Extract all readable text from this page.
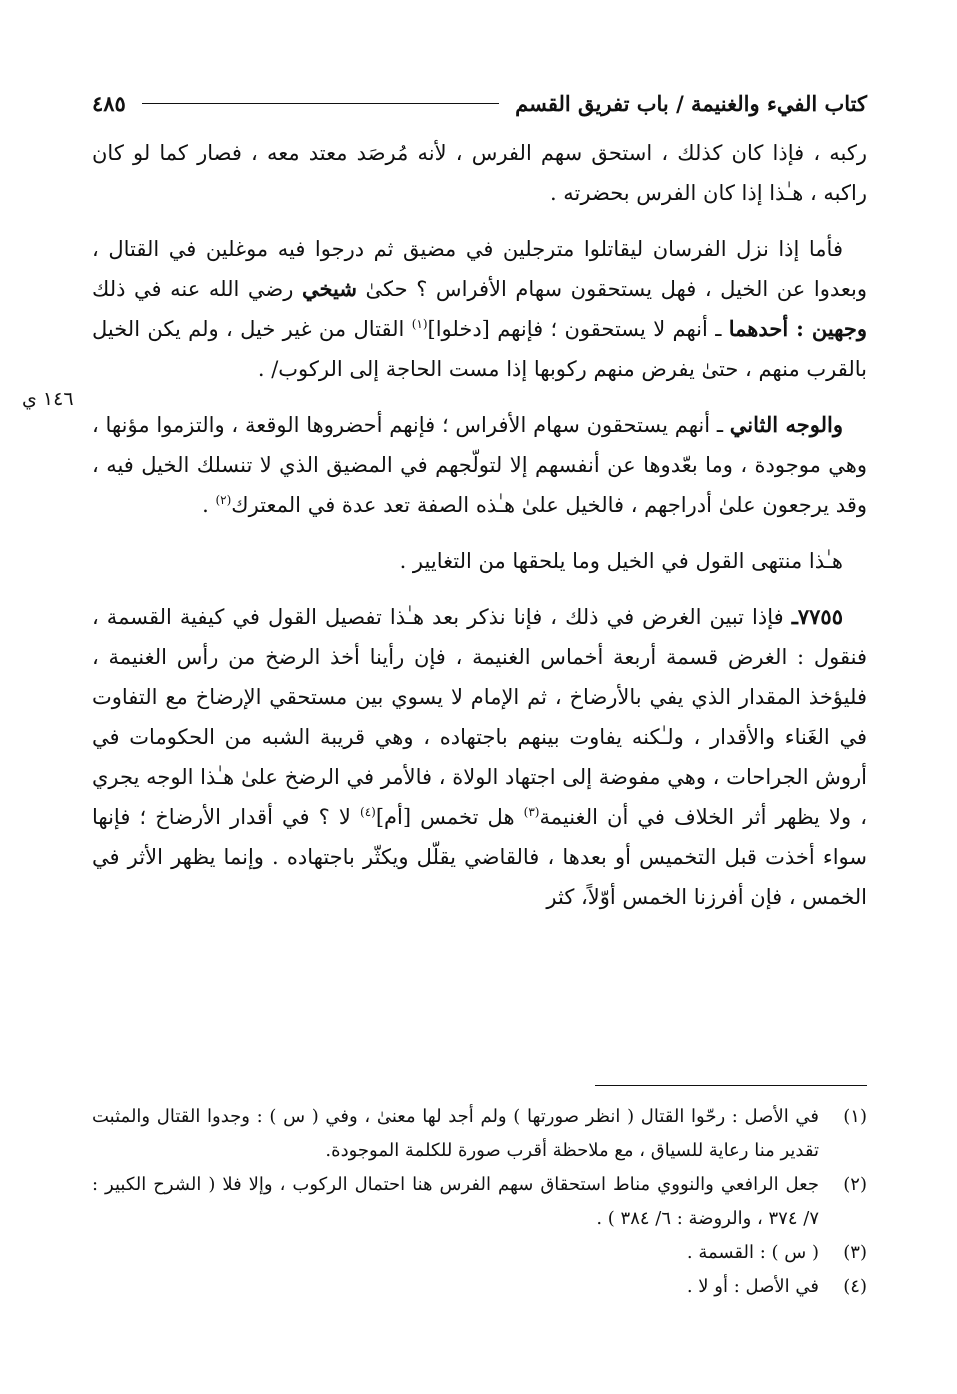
كتاب الفيء والغنيمة / باب تفريق القسم
٤٨٥
١٤٦ ي

ركبه ، فإذا كان كذلك ، استحق سهم الفرس ، لأنه مُرصَد معتد معه ، فصار كما لو كان راكبه ، هـٰذا إذا كان الفرس بحضرته .

فأما إذا نزل الفرسان ليقاتلوا مترجلين في مضيق ثم درجوا فيه موغلين في القتال ، وبعدوا عن الخيل ، فهل يستحقون سهام الأفراس ؟ حكىٰ شيخي رضي الله عنه في ذلك وجهين : أحدهما ـ أنهم لا يستحقون ؛ فإنهم [دخلوا]$^{(١)}$ القتال من غير خيل ، ولم يكن الخيل بالقرب منهم ، حتىٰ يفرض منهم ركوبها إذا مست الحاجة إلى الركوب/ .

والوجه الثاني ـ أنهم يستحقون سهام الأفراس ؛ فإنهم أحضروها الوقعة ، والتزموا مؤنها ، وهي موجودة ، وما بعّدوها عن أنفسهم إلا لتولّجهم في المضيق الذي لا تنسلك الخيل فيه ، وقد يرجعون علىٰ أدراجهم ، فالخيل علىٰ هـٰذه الصفة تعد عدة في المعترك$^{(٢)}$ .

هـٰذا منتهى القول في الخيل وما يلحقها من التغايير .

٧٧٥٥ـ فإذا تبين الغرض في ذلك ، فإنا نذكر بعد هـٰذا تفصيل القول في كيفية القسمة ، فنقول : الغرض قسمة أربعة أخماس الغنيمة ، فإن رأينا أخذ الرضخ من رأس الغنيمة ، فليؤخذ المقدار الذي يفي بالأرضاخ ، ثم الإمام لا يسوي بين مستحقي الإرضاخ مع التفاوت في الغَناء والأقدار ، ولـٰكنه يفاوت بينهم باجتهاده ، وهي قريبة الشبه من الحكومات في أروش الجراحات ، وهي مفوضة إلى اجتهاد الولاة ، فالأمر في الرضخ علىٰ هـٰذا الوجه يجري ، ولا يظهر أثر الخلاف في أن الغنيمة$^{(٣)}$ هل تخمس [أم]$^{(٤)}$ لا ؟ في أقدار الأرضاخ ؛ فإنها سواء أخذت قبل التخميس أو بعدها ، فالقاضي يقلّل ويكثّر باجتهاده . وإنما يظهر الأثر في الخمس ، فإن أفرزنا الخمس أوّلاً، كثر

(١)
في الأصل : رحّوا القتال ( انظر صورتها ) ولم أجد لها معنىٰ ، وفي ( س ) : وجدوا القتال والمثبت تقدير منا رعاية للسياق ، مع ملاحظة أقرب صورة للكلمة الموجودة.
(٢)
جعل الرافعي والنووي مناط استحقاق سهم الفرس هنا احتمال الركوب ، وإلا فلا ( الشرح الكبير : ٧/ ٣٧٤ ، والروضة : ٦/ ٣٨٤ ) .
(٣)
( س ) : القسمة .
(٤)
في الأصل : أو لا .
